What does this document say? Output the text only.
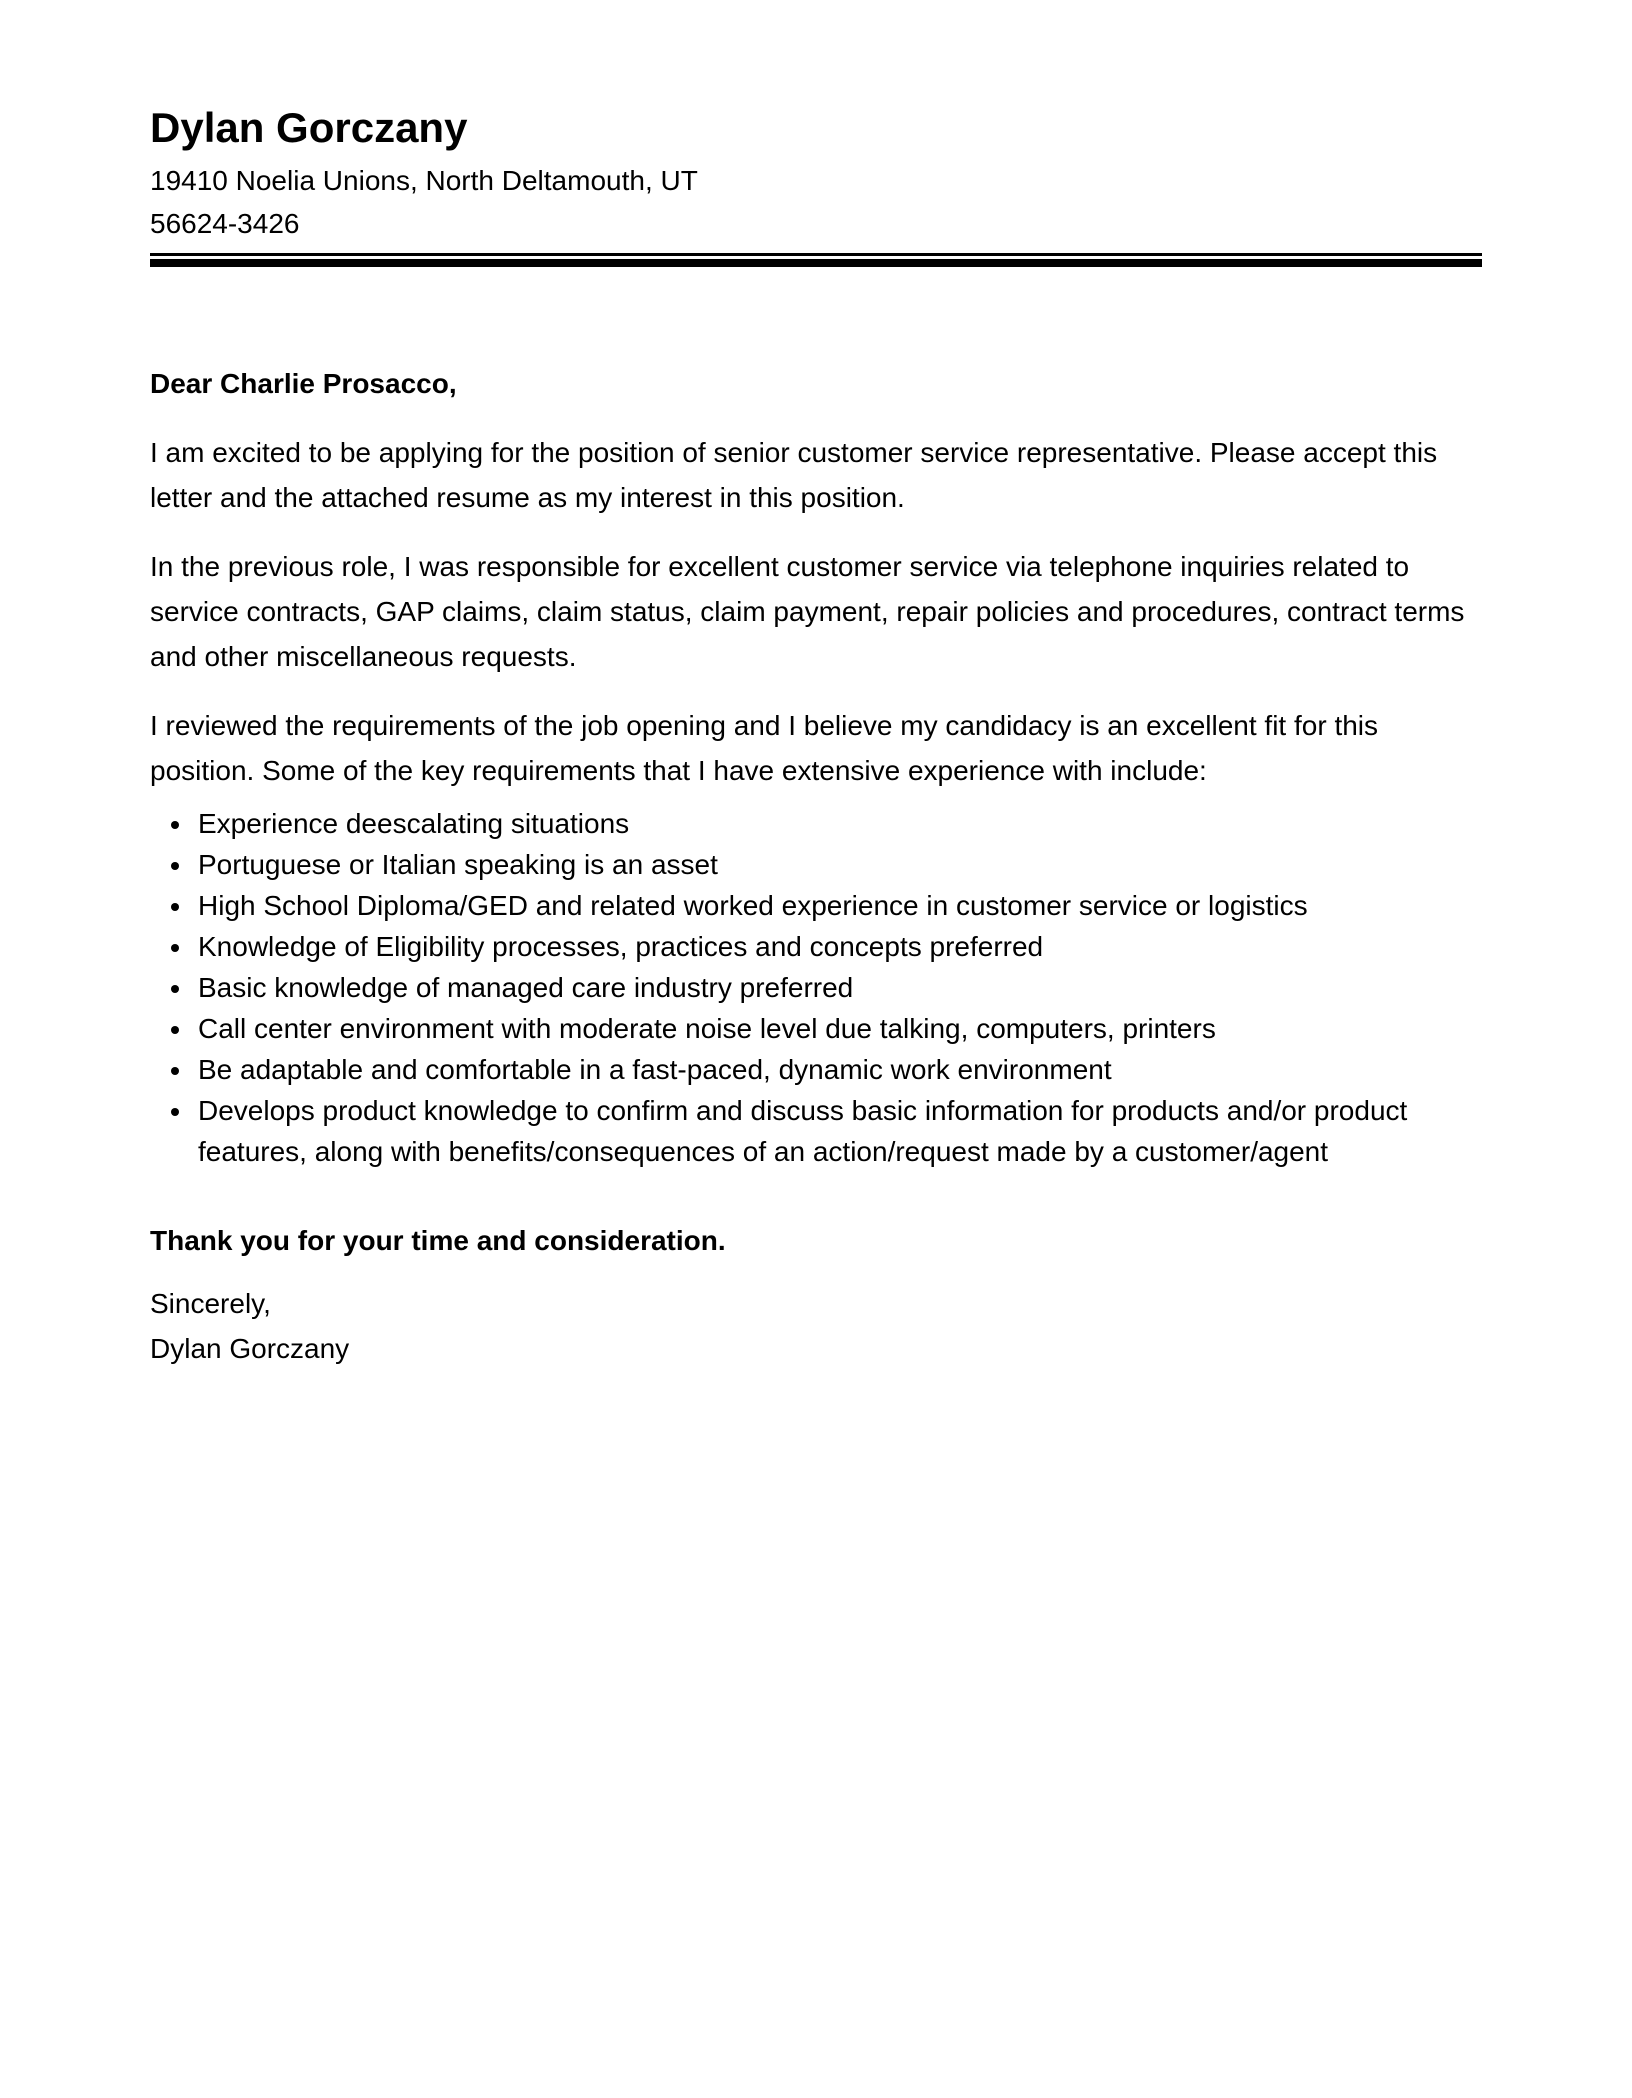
Dylan Gorczany

19410 Noelia Unions, North Deltamouth, UT

56624-3426

Dear Charlie Prosacco,

I am excited to be applying for the position of senior customer service representative. Please accept this letter and the attached resume as my interest in this position.

In the previous role, I was responsible for excellent customer service via telephone inquiries related to service contracts, GAP claims, claim status, claim payment, repair policies and procedures, contract terms and other miscellaneous requests.

I reviewed the requirements of the job opening and I believe my candidacy is an excellent fit for this position. Some of the key requirements that I have extensive experience with include:

• Experience deescalating situations
• Portuguese or Italian speaking is an asset
• High School Diploma/GED and related worked experience in customer service or logistics
• Knowledge of Eligibility processes, practices and concepts preferred
• Basic knowledge of managed care industry preferred
• Call center environment with moderate noise level due talking, computers, printers
• Be adaptable and comfortable in a fast-paced, dynamic work environment
• Develops product knowledge to confirm and discuss basic information for products and/or product features, along with benefits/consequences of an action/request made by a customer/agent

Thank you for your time and consideration.

Sincerely,

Dylan Gorczany
